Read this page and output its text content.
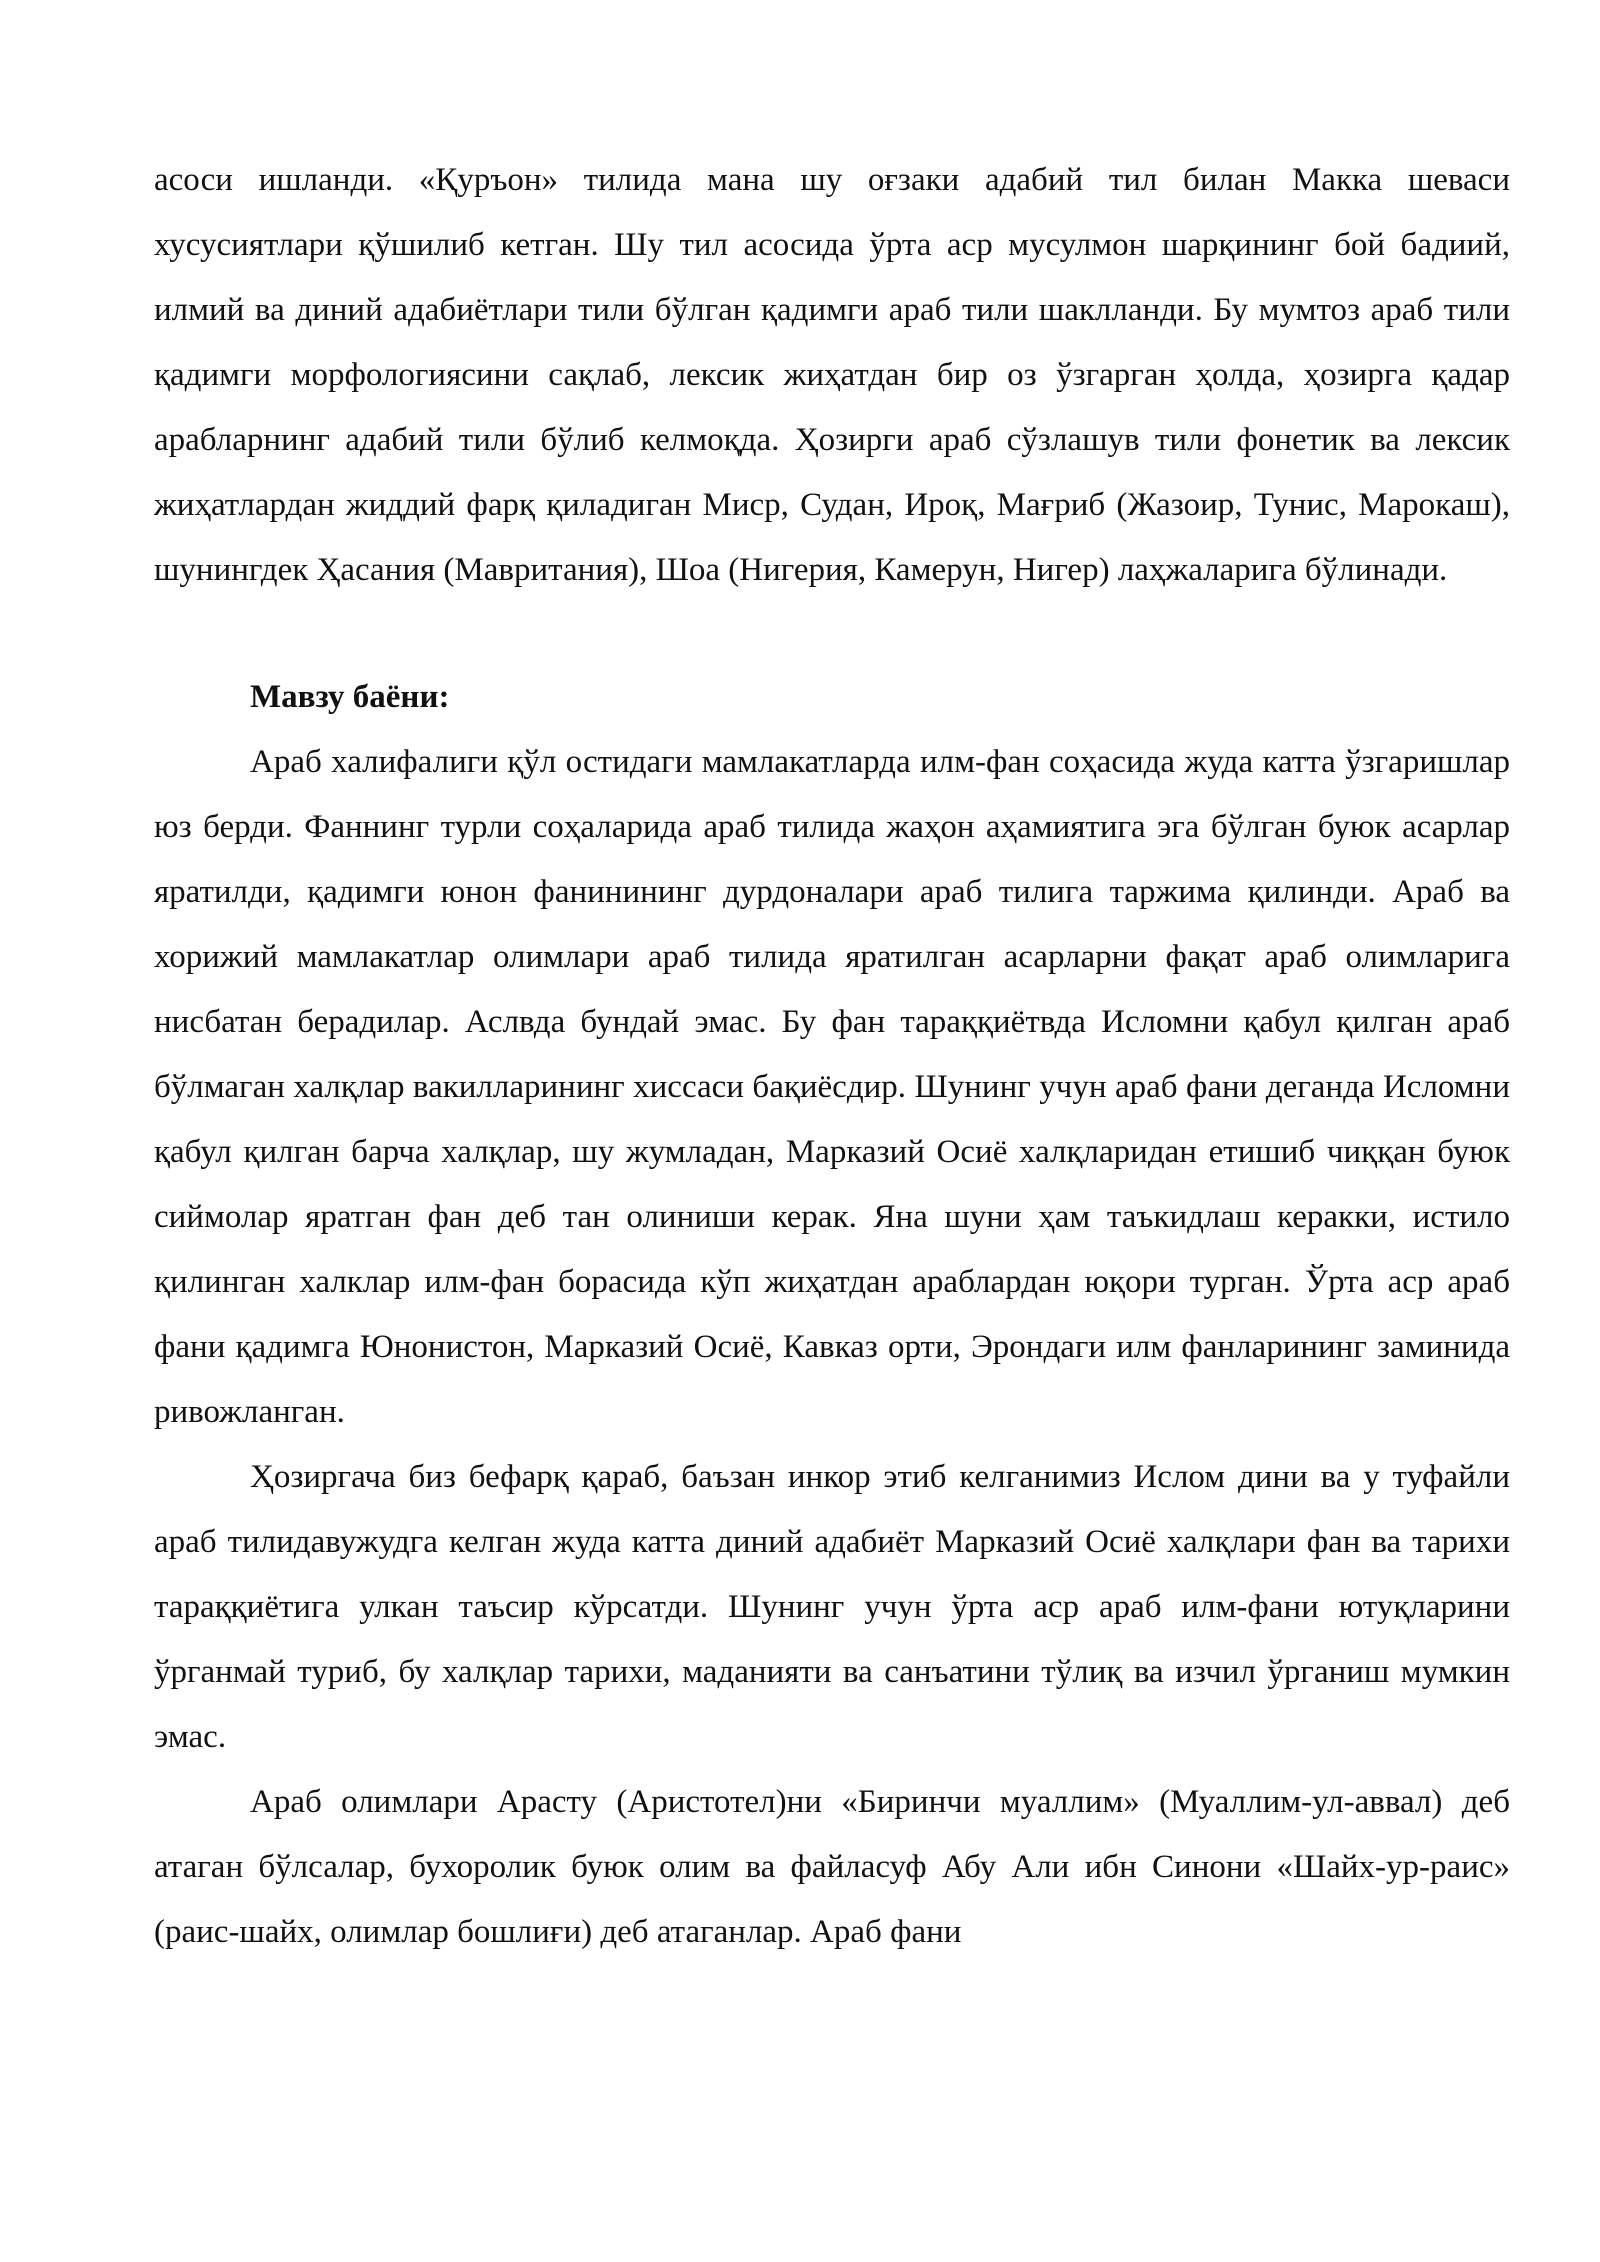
асоси ишланди. «Қуръон» тилида мана шу оғзаки адабий тил билан Макка шеваси хусусиятлари қўшилиб кетган. Шу тил асосида ўрта аср мусулмон шарқининг бой бадиий, илмий ва диний адабиётлари тили бўлган қадимги араб тили шаклланди. Бу мумтоз араб тили қадимги морфологиясини сақлаб, лексик жиҳатдан бир оз ўзгарган ҳолда, ҳозирга қадар арабларнинг адабий тили бўлиб келмоқда. Ҳозирги араб сўзлашув тили фонетик ва лексик жиҳатлардан жиддий фарқ қиладиган Миср, Судан, Ироқ, Мағриб (Жазоир, Тунис, Марокаш), шунингдек Ҳасания (Мавритания), Шоа (Нигерия, Камерун, Нигер) лаҳжаларига бўлинади.

Мавзу баёни:

Араб халифалиги қўл остидаги мамлакатларда илм-фан соҳасида жуда катта ўзгаришлар юз берди. Фаннинг турли соҳаларида араб тилида жаҳон аҳамиятига эга бўлган буюк асарлар яратилди, қадимги юнон фанинининг дурдоналари араб тилига таржима қилинди. Араб ва хорижий мамлакатлар олимлари араб тилида яратилган асарларни фақат араб олимларига нисбатан берадилар. Аслвда бундай эмас. Бу фан тараққиётвда Исломни қабул қилган араб бўлмаган халқлар вакилларининг хиссаси бақиёсдир. Шунинг учун араб фани деганда Исломни қабул қилган барча халқлар, шу жумладан, Марказий Осиё халқларидан етишиб чиққан буюк сиймолар яратган фан деб тан олиниши керак. Яна шуни ҳам таъкидлаш керакки, истило қилинган халклар илм-фан борасида кўп жиҳатдан араблардан юқори турган. Ўрта аср араб фани қадимга Юнонистон, Марказий Осиё, Кавказ орти, Эрондаги илм фанларининг заминида ривожланган.

Ҳозиргача биз бефарқ қараб, баъзан инкор этиб келганимиз Ислом дини ва у туфайли араб тилидавужудга келган жуда катта диний адабиёт Марказий Осиё халқлари фан ва тарихи тараққиётига улкан таъсир кўрсатди. Шунинг учун ўрта аср араб илм-фани ютуқларини ўрганмай туриб, бу халқлар тарихи, маданияти ва санъатини тўлиқ ва изчил ўрганиш мумкин эмас.

Араб олимлари Арасту (Аристотел)ни «Биринчи муаллим» (Муаллим-ул-аввал) деб атаган бўлсалар, бухоролик буюк олим ва файласуф Абу Али ибн Синони «Шайх-ур-раис» (раис-шайх, олимлар бошлиғи) деб атаганлар. Араб фани
